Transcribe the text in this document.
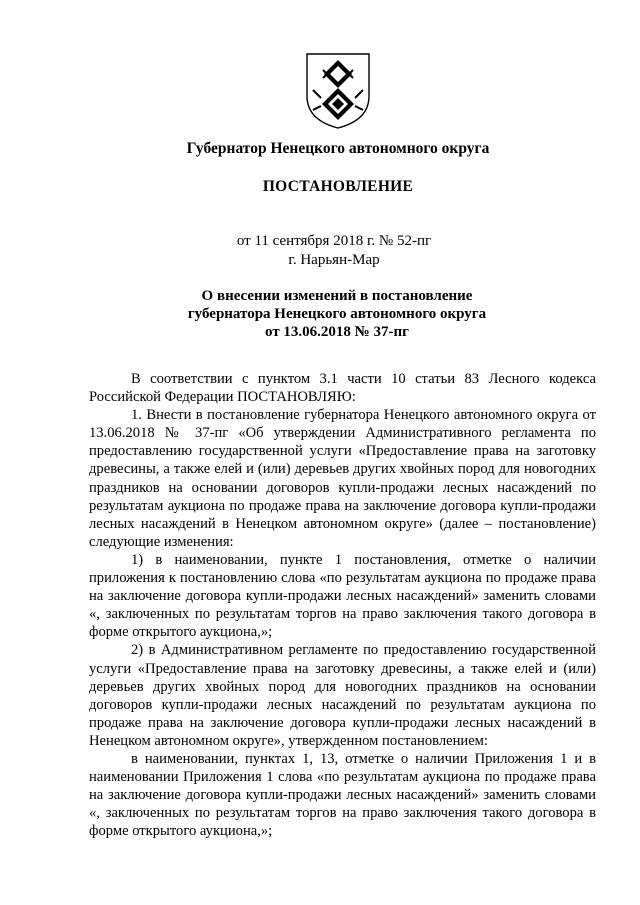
Губернатор Ненецкого автономного округа
ПОСТАНОВЛЕНИЕ
от 11 сентября 2018 г. № 52-пг
г. Нарьян-Мар
О внесении изменений в постановление
губернатора Ненецкого автономного округа
от 13.06.2018 № 37-пг

В соответствии с пунктом 3.1 части 10 статьи 83 Лесного кодекса Российской Федерации ПОСТАНОВЛЯЮ:

1. Внести в постановление губернатора Ненецкого автономного округа от 13.06.2018 № 37-пг «Об утверждении Административного регламента по предоставлению государственной услуги «Предоставление права на заготовку древесины, а также елей и (или) деревьев других хвойных пород для новогодних праздников на основании договоров купли-продажи лесных насаждений по результатам аукциона по продаже права на заключение договора купли-продажи лесных насаждений в Ненецком автономном округе» (далее – постановление) следующие изменения:

1) в наименовании, пункте 1 постановления, отметке о наличии приложения к постановлению слова «по результатам аукциона по продаже права на заключение договора купли-продажи лесных насаждений» заменить словами «, заключенных по результатам торгов на право заключения такого договора в форме открытого аукциона,»;

2) в Административном регламенте по предоставлению государственной услуги «Предоставление права на заготовку древесины, а также елей и (или) деревьев других хвойных пород для новогодних праздников на основании договоров купли-продажи лесных насаждений по результатам аукциона по продаже права на заключение договора купли-продажи лесных насаждений в Ненецком автономном округе», утвержденном постановлением:

в наименовании, пунктах 1, 13, отметке о наличии Приложения 1 и в наименовании Приложения 1 слова «по результатам аукциона по продаже права на заключение договора купли-продажи лесных насаждений» заменить словами «, заключенных по результатам торгов на право заключения такого договора в форме открытого аукциона,»;
